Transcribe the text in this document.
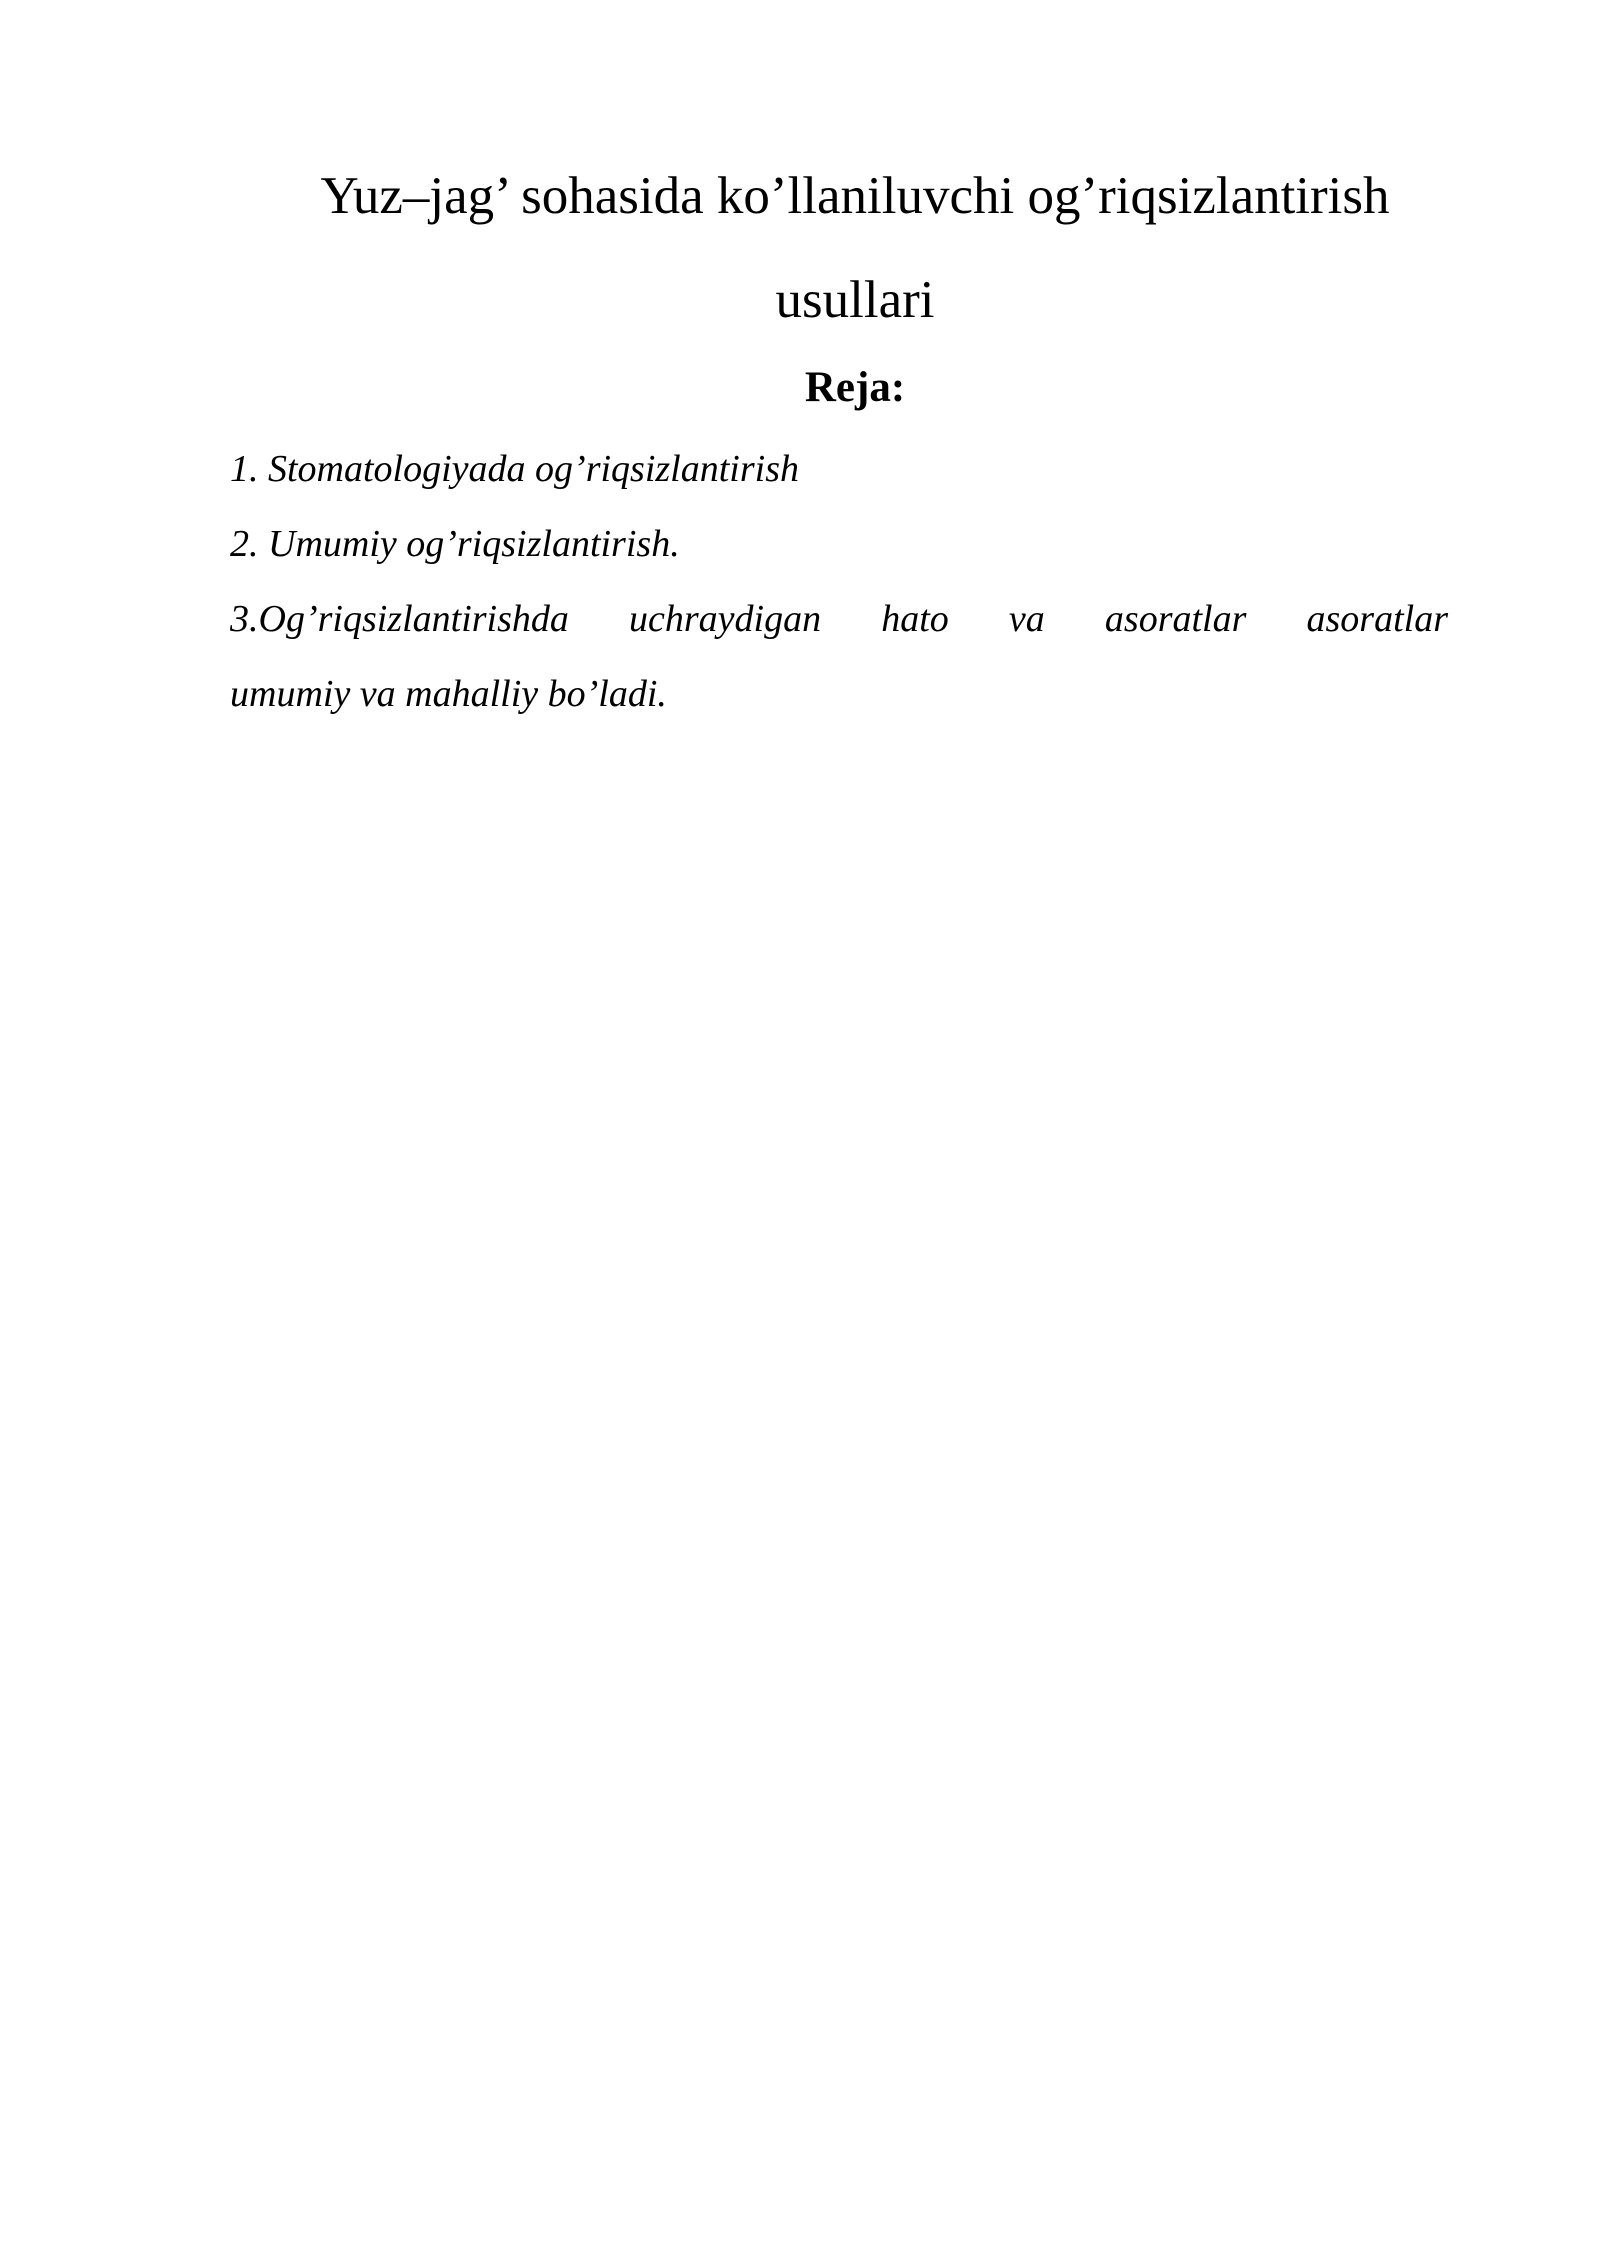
Yuz–jag’ sohasida ko’llaniluvchi og’riqsizlantirish
usullari
Reja:
1. Stomatologiyada og’riqsizlantirish
2. Umumiy og’riqsizlantirish.
3.Og’riqsizlantirishda uchraydigan hato va asoratlar asoratlar
umumiy va mahalliy bo’ladi.
